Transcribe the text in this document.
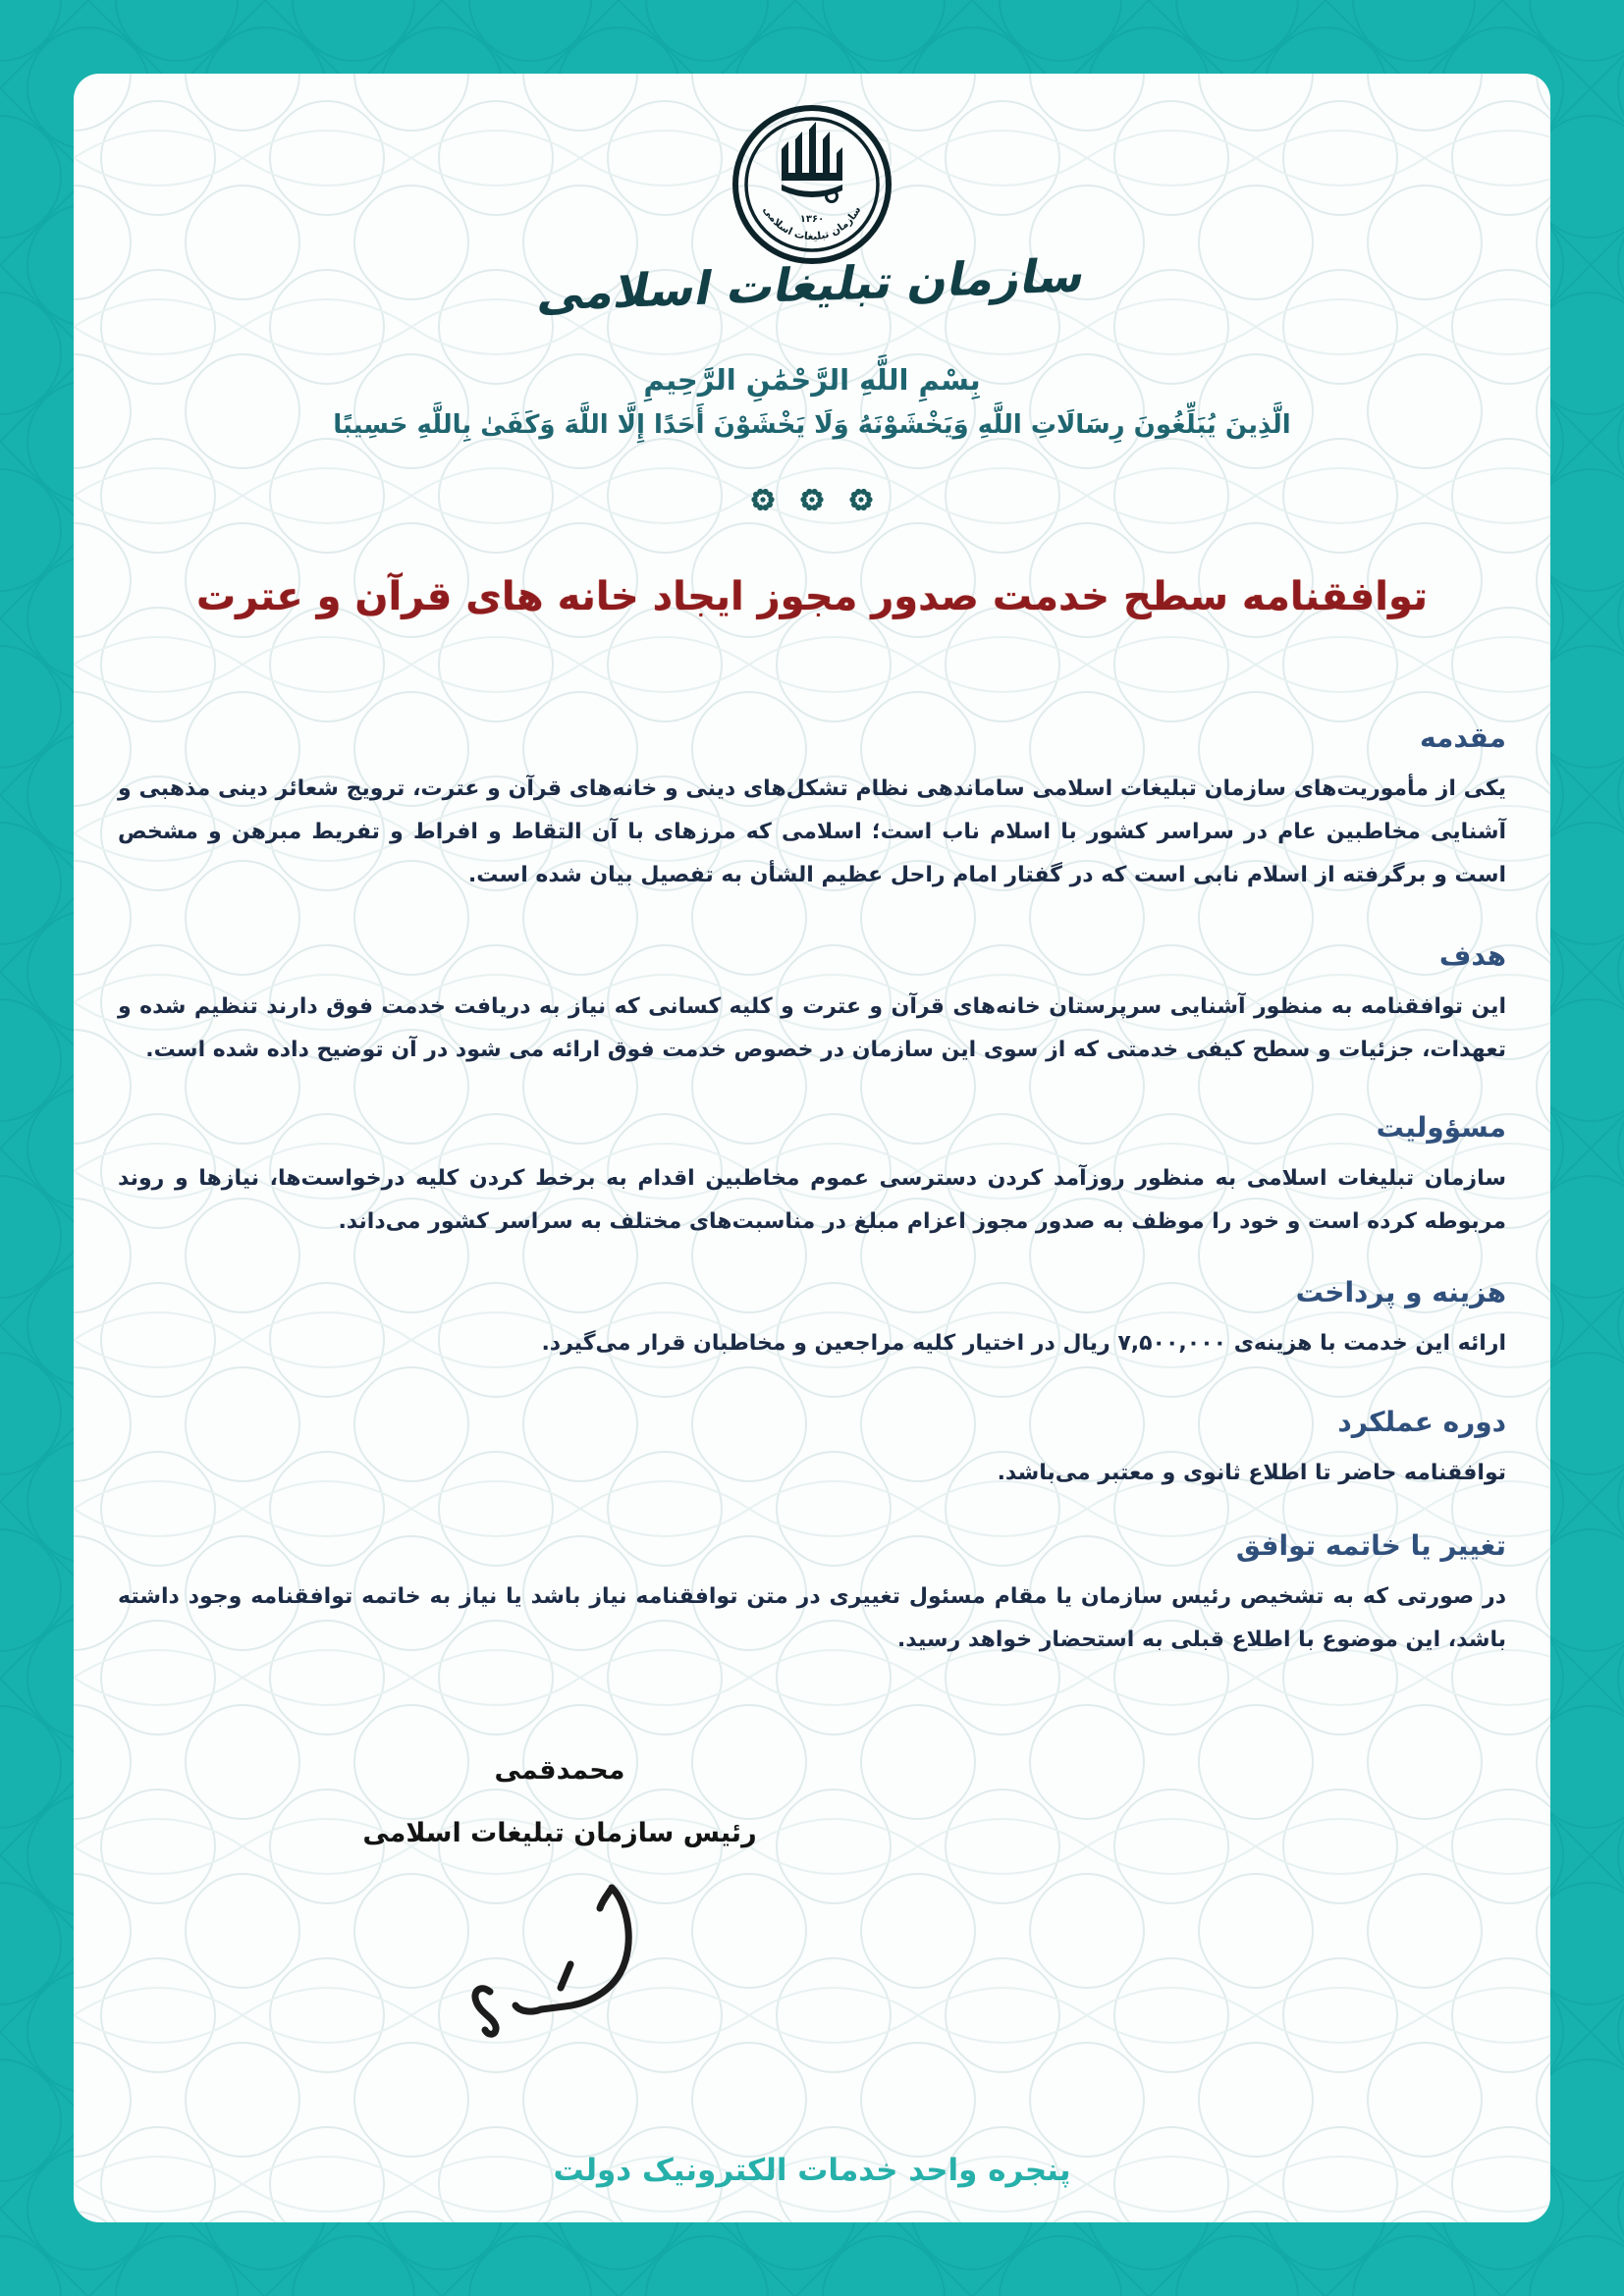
۱۳۶۰
سازمان تبلیغات اسلامی
سازمان تبلیغات اسلامی
بِسْمِ اللَّهِ الرَّحْمَٰنِ الرَّحِيمِ
الَّذِينَ يُبَلِّغُونَ رِسَالَاتِ اللَّهِ وَيَخْشَوْنَهُ وَلَا يَخْشَوْنَ أَحَدًا إِلَّا اللَّهَ وَكَفَىٰ بِاللَّهِ حَسِيبًا
توافقنامه سطح خدمت صدور مجوز ایجاد خانه های قرآن و عترت
مقدمه

یکی از مأموریت‌های سازمان تبلیغات اسلامی ساماندهی نظام تشکل‌های دینی و خانه‌های قرآن و عترت، ترویج شعائر دینی مذهبی و آشنایی مخاطبین عام در سراسر کشور با اسلام ناب است؛ اسلامی که مرزهای با آن التقاط و افراط و تفریط مبرهن و مشخص است و برگرفته از اسلام نابی است که در گفتار امام راحل عظیم الشأن به تفصیل بیان شده است.

هدف

این توافقنامه به منظور آشنایی سرپرستان خانه‌های قرآن و عترت و کلیه کسانی که نیاز به دریافت خدمت فوق دارند تنظیم شده و تعهدات، جزئیات و سطح کیفی خدمتی که از سوی این سازمان در خصوص خدمت فوق ارائه می شود در آن توضیح داده شده است.

مسؤولیت

سازمان تبلیغات اسلامی به منظور روزآمد کردن دسترسی عموم مخاطبین اقدام به برخط کردن کلیه درخواست‌ها، نیازها و روند مربوطه کرده است و خود را موظف به صدور مجوز اعزام مبلغ در مناسبت‌های مختلف به سراسر کشور می‌داند.

هزینه و پرداخت

ارائه این خدمت با هزینه‌ی ۷,۵۰۰,۰۰۰ ریال در اختیار کلیه مراجعین و مخاطبان قرار می‌گیرد.

دوره عملکرد

توافقنامه حاضر تا اطلاع ثانوی و معتبر می‌باشد.

تغییر یا خاتمه توافق

در صورتی که به تشخیص رئیس سازمان یا مقام مسئول تغییری در متن توافقنامه نیاز باشد یا نیاز به خاتمه توافقنامه وجود داشته باشد، این موضوع با اطلاع قبلی به استحضار خواهد رسید.

محمدقمی
رئیس سازمان تبلیغات اسلامی
پنجره واحد خدمات الکترونیک دولت
